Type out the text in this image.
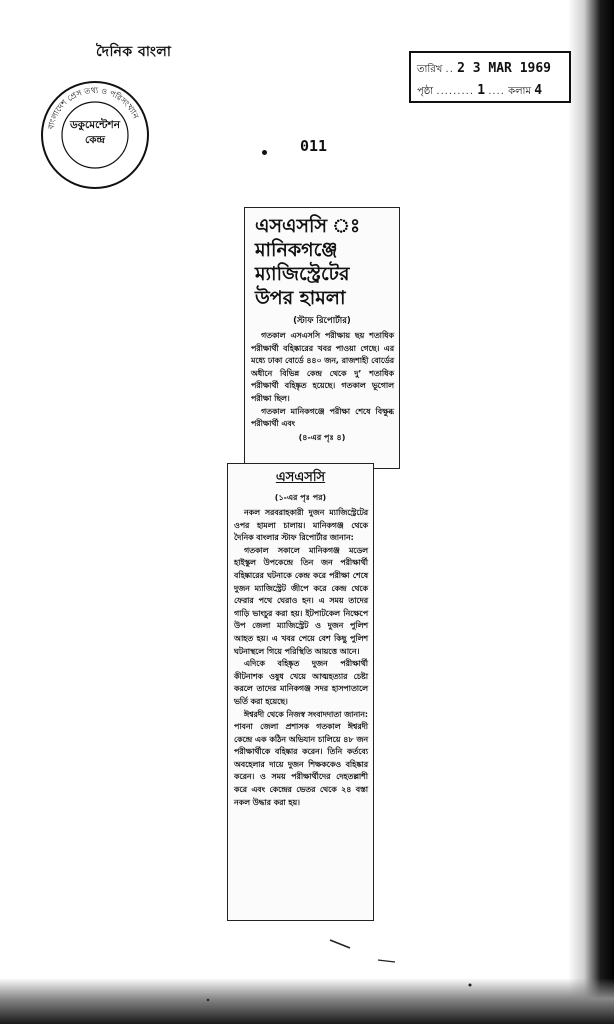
দৈনিক বাংলা
বাংলাদেশ প্রেস তথ্য ও পরিসংখ্যান
ডকুমেন্টেশন
কেন্দ্র
তারিখ .. 2 3 MAR 1969
পৃষ্ঠা ......... 1 .... কলাম 4
011
এসএসসি ঃ
মানিকগঞ্জে
ম্যাজিস্ট্রেটের
উপর হামলা
(স্টাফ রিপোর্টার)

গতকাল এসএসসি পরীক্ষায় ছয় শতাধিক পরীক্ষার্থী বহিষ্কারের খবর পাওয়া গেছে। এর মধ্যে ঢাকা বোর্ডে ৪৪০ জন, রাজশাহী বোর্ডের অধীনে বিভিন্ন কেন্দ্র থেকে দু’ শতাধিক পরীক্ষার্থী বহিষ্কৃত হয়েছে। গতকাল ভূগোল পরীক্ষা ছিল।

গতকাল মানিকগঞ্জে পরীক্ষা শেষে বিক্ষুব্ধ পরীক্ষার্থী এবং

(৪-এর পৃঃ ৪)
এসএসসি
(১-এর পৃঃ পর)

নকল সরবরাহকারী দুজন ম্যাজিস্ট্রেটের ওপর হামলা চালায়। মানিকগঞ্জ থেকে দৈনিক বাংলার স্টাফ রিপোর্টার জানান:

গতকাল সকালে মানিকগঞ্জ মডেল হাইস্কুল উপকেন্দ্রে তিন জন পরীক্ষার্থী বহিষ্কারের ঘটনাকে কেন্দ্র করে পরীক্ষা শেষে দুজন ম্যাজিস্ট্রেট জীপে করে কেন্দ্র থেকে ফেরার পথে ঘেরাও হন। এ সময় তাদের গাড়ি ভাংচুর করা হয়। ইটপাটকেল নিক্ষেপে উপ জেলা ম্যাজিস্ট্রেট ও দুজন পুলিশ আহত হয়। এ খবর পেয়ে বেশ কিছু পুলিশ ঘটনাস্থলে গিয়ে পরিস্থিতি আয়ত্তে আনে।

এদিকে বহিষ্কৃত দুজন পরীক্ষার্থী কীটনাশক ওষুধ খেয়ে আত্মহত্যার চেষ্টা করলে তাদের মানিকগঞ্জ সদর হাসপাতালে ভর্তি করা হয়েছে।

ঈশ্বরদী থেকে নিজস্ব সংবাদদাতা জানান: পাবনা জেলা প্রশাসক গতকাল ঈশ্বরদী কেন্দ্রে এক কঠিন অভিযান চালিয়ে ৪৮ জন পরীক্ষার্থীকে বহিষ্কার করেন। তিনি কর্তব্যে অবহেলার দায়ে দুজন শিক্ষককেও বহিষ্কার করেন। ও সময় পরীক্ষার্থীদের দেহতল্লাশী করে এবং কেন্দ্রের ভেতর থেকে ২৪ বস্তা নকল উদ্ধার করা হয়।
